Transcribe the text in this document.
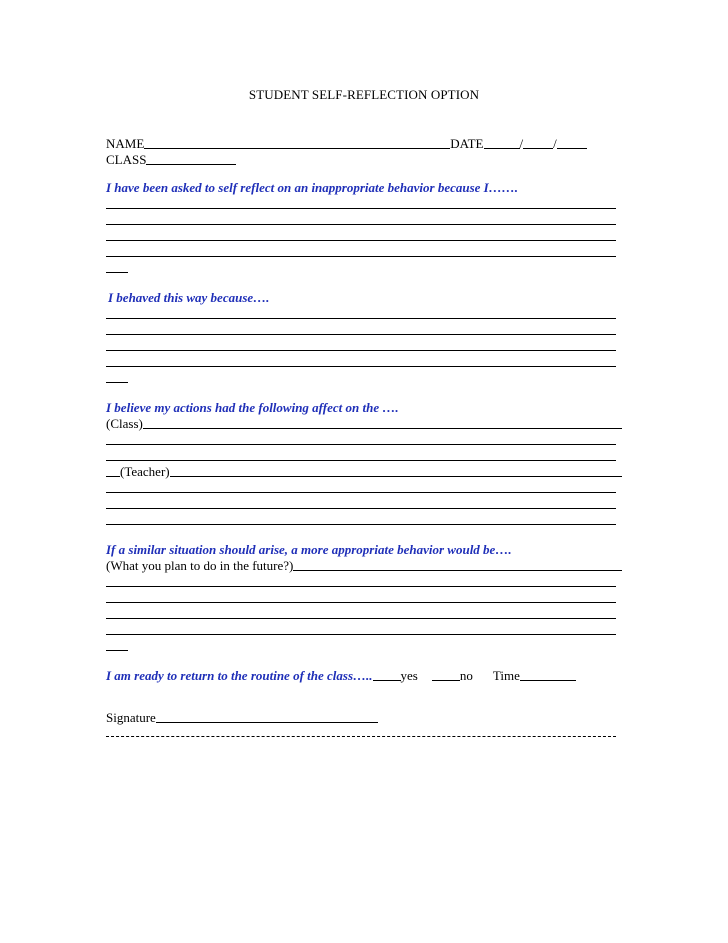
STUDENT SELF-REFLECTION OPTION
NAME	DATE	/ /
CLASS
I have been asked to self reflect on an inappropriate behavior because I…….
I behaved this way because….
I believe my actions had the following affect on the ….
(Class)
(Teacher)
If a similar situation should arise, a more appropriate behavior would be….
(What you plan to do in the future?)
I am ready to return to the routine of the class….. yes	no Time
Signature
